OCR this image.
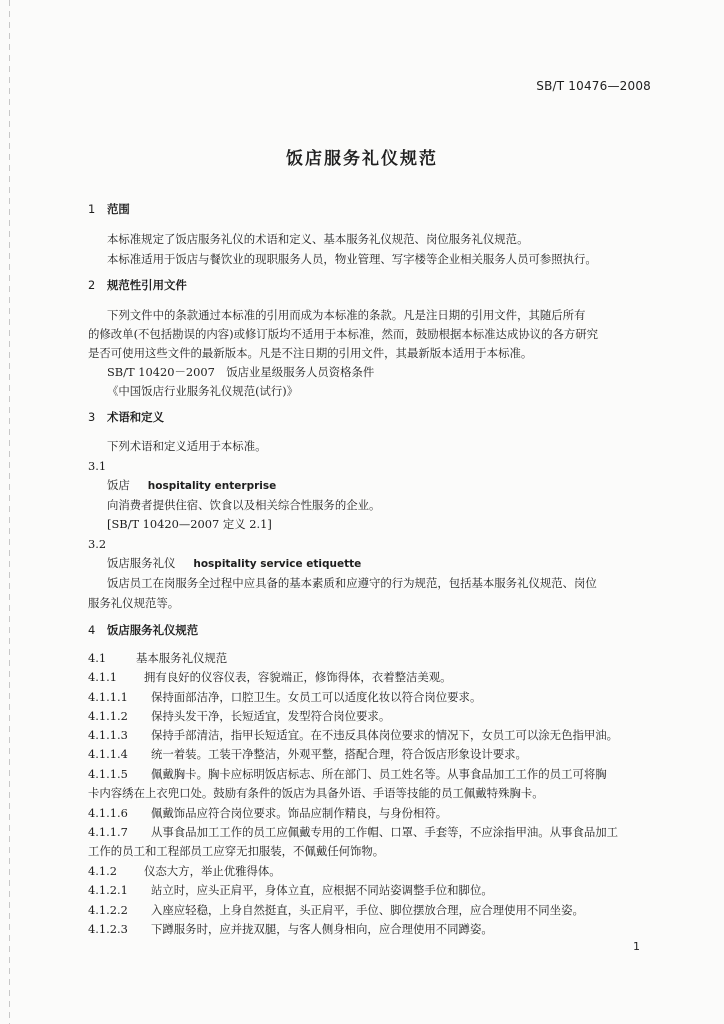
SB/T 10476—2008
饭店服务礼仪规范

1 范围

本标准规定了饭店服务礼仪的术语和定义、基本服务礼仪规范、岗位服务礼仪规范。

本标准适用于饭店与餐饮业的现职服务人员，物业管理、写字楼等企业相关服务人员可参照执行。

2 规范性引用文件

下列文件中的条款通过本标准的引用而成为本标准的条款。凡是注日期的引用文件，其随后所有

的修改单(不包括勘误的内容)或修订版均不适用于本标准，然而，鼓励根据本标准达成协议的各方研究

是否可使用这些文件的最新版本。凡是不注日期的引用文件，其最新版本适用于本标准。

SB/T 10420－2007　饭店业星级服务人员资格条件

《中国饭店行业服务礼仪规范(试行)》

3 术语和定义

下列术语和定义适用于本标准。

3.1

饭店 hospitality enterprise

向消费者提供住宿、饮食以及相关综合性服务的企业。

[SB/T 10420—2007 定义 2.1]

3.2

饭店服务礼仪 hospitality service etiquette

饭店员工在岗服务全过程中应具备的基本素质和应遵守的行为规范，包括基本服务礼仪规范、岗位

服务礼仪规范等。

4 饭店服务礼仪规范

4.1	基本服务礼仪规范

4.1.1 拥有良好的仪容仪表，容貌端正，修饰得体，衣着整洁美观。

4.1.1.1 保持面部洁净，口腔卫生。女员工可以适度化妆以符合岗位要求。

4.1.1.2 保持头发干净，长短适宜，发型符合岗位要求。

4.1.1.3 保持手部清洁，指甲长短适宜。在不违反具体岗位要求的情况下，女员工可以涂无色指甲油。

4.1.1.4 统一着装。工装干净整洁，外观平整，搭配合理，符合饭店形象设计要求。

4.1.1.5 佩戴胸卡。胸卡应标明饭店标志、所在部门、员工姓名等。从事食品加工工作的员工可将胸

卡内容绣在上衣兜口处。鼓励有条件的饭店为具备外语、手语等技能的员工佩戴特殊胸卡。

4.1.1.6 佩戴饰品应符合岗位要求。饰品应制作精良，与身份相符。

4.1.1.7 从事食品加工工作的员工应佩戴专用的工作帽、口罩、手套等，不应涂指甲油。从事食品加工

工作的员工和工程部员工应穿无扣服装，不佩戴任何饰物。

4.1.2 仪态大方，举止优雅得体。

4.1.2.1 站立时，应头正肩平，身体立直，应根据不同站姿调整手位和脚位。

4.1.2.2 入座应轻稳，上身自然挺直，头正肩平，手位、脚位摆放合理，应合理使用不同坐姿。

4.1.2.3 下蹲服务时，应并拢双腿，与客人侧身相向，应合理使用不同蹲姿。

1
